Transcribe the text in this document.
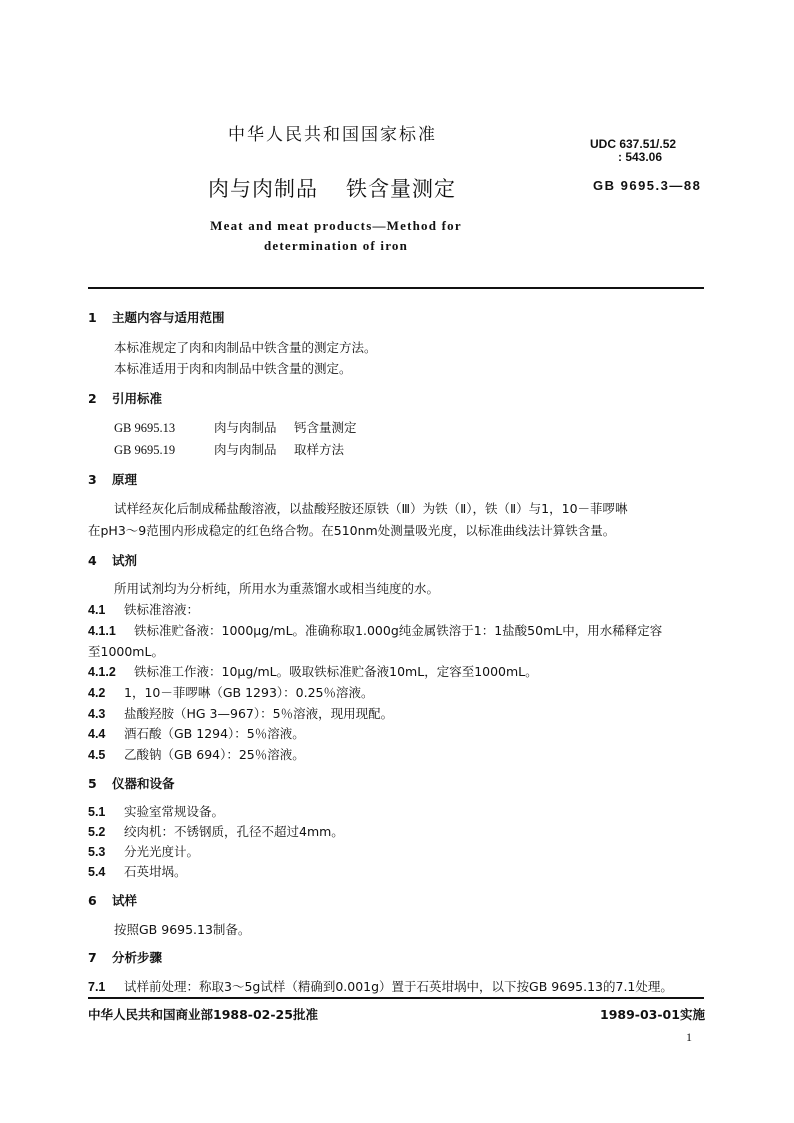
中华人民共和国国家标准	UDC 637.51/.52
: 543.06
肉与肉制品 铁含量测定	GB 9695.3—88
Meat and meat products—Method for
determination of iron
1 主题内容与适用范围
本标准规定了肉和肉制品中铁含量的测定方法。
本标准适用于肉和肉制品中铁含量的测定。
2 引用标准
GB 9695.13	肉与肉制品 钙含量测定
GB 9695.19	肉与肉制品 取样方法
3 原理
试样经灰化后制成稀盐酸溶液，以盐酸羟胺还原铁（Ⅲ）为铁（Ⅱ），铁（Ⅱ）与1，10－菲啰啉
在pH3～9范围内形成稳定的红色络合物。在510nm处测量吸光度，以标准曲线法计算铁含量。
4 试剂
所用试剂均为分析纯，所用水为重蒸馏水或相当纯度的水。
4.1 铁标准溶液：
4.1.1 铁标准贮备液：1000μg/mL。准确称取1.000g纯金属铁溶于1：1盐酸50mL中，用水稀释定容
至1000mL。
4.1.2 铁标准工作液：10μg/mL。吸取铁标准贮备液10mL，定容至1000mL。
4.2 1，10－菲啰啉（GB 1293）：0.25％溶液。
4.3 盐酸羟胺（HG 3—967）：5％溶液，现用现配。
4.4 酒石酸（GB 1294）：5％溶液。
4.5 乙酸钠（GB 694）：25％溶液。
5 仪器和设备
5.1 实验室常规设备。
5.2 绞肉机：不锈钢质，孔径不超过4mm。
5.3 分光光度计。
5.4 石英坩埚。
6 试样
按照GB 9695.13制备。
7 分析步骤
7.1 试样前处理：称取3～5g试样（精确到0.001g）置于石英坩埚中，以下按GB 9695.13的7.1处理。
中华人民共和国商业部1988-02-25批准	1989-03-01实施
1
